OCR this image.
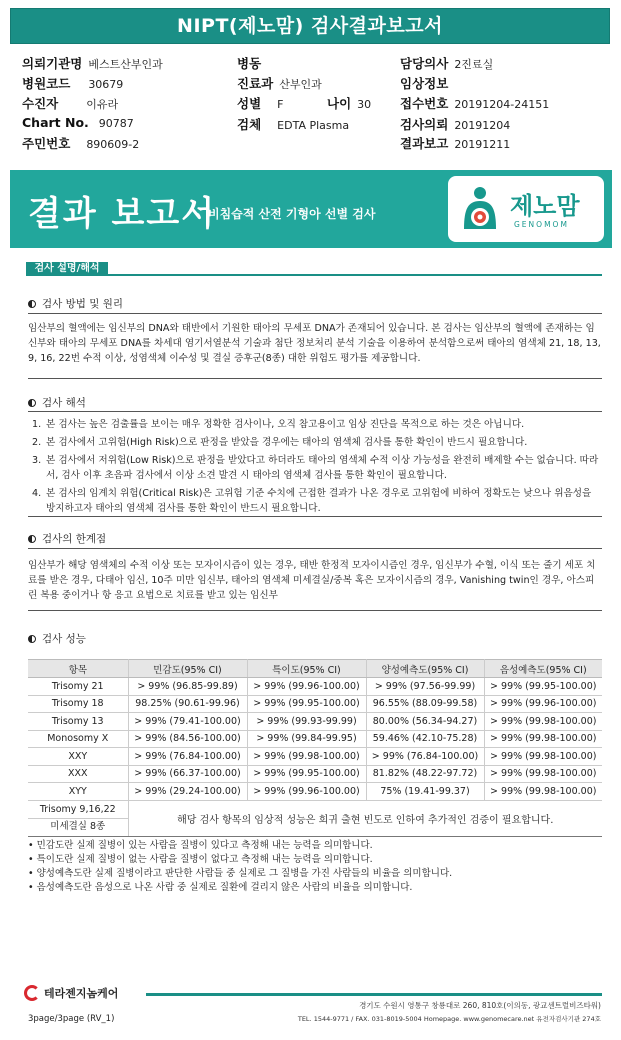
NIPT(제노맘) 검사결과보고서
의뢰기관명 베스트산부인과	병동	담당의사 2진료실
병원코드 30679	진료과 산부인과	임상정보
수진자	이유라	성별 F	나이 30 접수번호 20191204-24151
Chart No. 90787	검체 EDTA Plasma	검사의뢰 20191204
주민번호 890609-2	결과보고 20191211
결과 보고서
비침습적 산전 기형아 선별 검사	제노맘
GENOMOM
검사 설명/해석
검사 방법 및 원리
임산부의 혈액에는 임신부의 DNA와 태반에서 기원한 태아의 무세포 DNA가 존재되어 있습니다. 본 검사는 임산부의 혈액에 존재하는 임신부와 태아의 무세포 DNA를 차세대 염기서열분석 기술과 첨단 정보처리 분석 기술을 이용하여 분석함으로써 태아의 염색체 21, 18, 13, 9, 16, 22번 수적 이상, 성염색체 이수성 및 결실 증후군(8종) 대한 위험도 평가를 제공합니다.
검사 해석
1. 본 검사는 높은 검출률을 보이는 매우 정확한 검사이나, 오직 참고용이고 임상 진단을 목적으로 하는 것은 아닙니다.
2. 본 검사에서 고위험(High Risk)으로 판정을 받았을 경우에는 태아의 염색체 검사를 통한 확인이 반드시 필요합니다.
3. 본 검사에서 저위험(Low Risk)으로 판정을 받았다고 하더라도 태아의 염색체 수적 이상 가능성을 완전히 배제할 수는 없습니다. 따라서, 검사 이후 초음파 검사에서 이상 소견 발견 시 태아의 염색체 검사를 통한 확인이 필요합니다.
4. 본 검사의 임계치 위험(Critical Risk)은 고위험 기준 수치에 근접한 결과가 나온 경우로 고위험에 비하여 정확도는 낮으나 위음성을 방지하고자 태아의 염색체 검사를 통한 확인이 반드시 필요합니다.
검사의 한계점
임산부가 해당 염색체의 수적 이상 또는 모자이시즘이 있는 경우, 태반 한정적 모자이시즘인 경우, 임신부가 수혈, 이식 또는 줄기 세포 치료를 받은 경우, 다태아 임신, 10주 미만 임신부, 태아의 염색체 미세결실/중복 혹은 모자이시즘의 경우, Vanishing twin인 경우, 아스피린 복용 중이거나 항 응고 요법으로 치료를 받고 있는 임신부
검사 성능
항목	민감도(95% CI)	특이도(95% CI)	양성예측도(95% CI)	음성예측도(95% CI)
Trisomy 21	> 99% (96.85-99.89)	> 99% (99.96-100.00)	> 99% (97.56-99.99)	> 99% (99.95-100.00)
Trisomy 18	98.25% (90.61-99.96)	> 99% (99.95-100.00)	96.55% (88.09-99.58)	> 99% (99.96-100.00)
Trisomy 13	> 99% (79.41-100.00)	> 99% (99.93-99.99)	80.00% (56.34-94.27)	> 99% (99.98-100.00)
Monosomy X	> 99% (84.56-100.00)	> 99% (99.84-99.95)	59.46% (42.10-75.28)	> 99% (99.98-100.00)
XXY	> 99% (76.84-100.00)	> 99% (99.98-100.00)	> 99% (76.84-100.00)	> 99% (99.98-100.00)
XXX	> 99% (66.37-100.00)	> 99% (99.95-100.00)	81.82% (48.22-97.72)	> 99% (99.98-100.00)
XYY	> 99% (29.24-100.00)	> 99% (99.96-100.00)	75% (19.41-99.37)	> 99% (99.98-100.00)

Trisomy 9,16,22
미세결실 8종	해당 검사 항목의 임상적 성능은 희귀 출현 빈도로 인하여 추가적인 검증이 필요합니다.			
• 민감도란 실제 질병이 있는 사람을 질병이 있다고 측정해 내는 능력을 의미합니다.
• 특이도란 실제 질병이 없는 사람을 질병이 없다고 측정해 내는 능력을 의미합니다.
• 양성예측도란 실제 질병이라고 판단한 사람들 중 실제로 그 질병을 가진 사람들의 비율을 의미합니다.
• 음성예측도란 음성으로 나온 사람 중 실제로 질환에 걸리지 않은 사람의 비율을 의미합니다.
테라젠지놈케어
경기도 수원시 영통구 창룡대로 260, 810호(이의동, 광교센트럴비즈타워)
TEL. 1544-9771 / FAX. 031-8019-5004 Homepage. www.genomecare.net 유전자검사기관 274호
3page/3page (RV_1)
